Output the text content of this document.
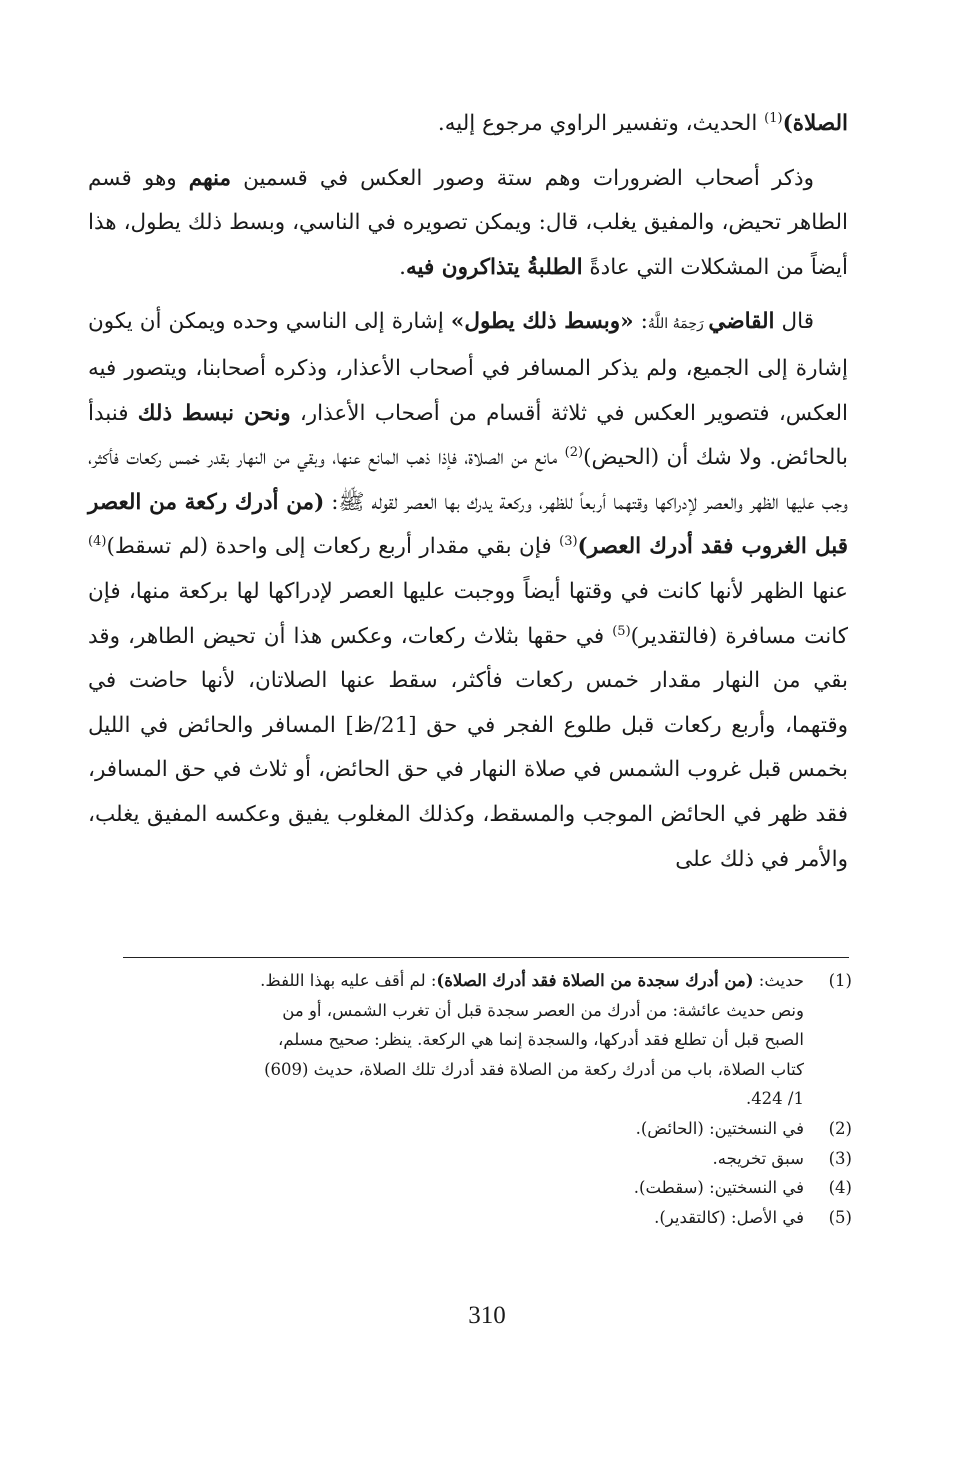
الصلاة)$^{(1)}$ الحديث، وتفسير الراوي مرجوع إليه.

وذكر أصحاب الضرورات وهم ستة وصور العكس في قسمين منهم وهو قسم الطاهر تحيض، والمفيق يغلب، قال: ويمكن تصويره في الناسي، وبسط ذلك يطول، هذا أيضاً من المشكلات التي عادةً الطلبةُ يتذاكرون فيه.

قال القاضي رَحِمَهُ اللَّهُ: «وبسط ذلك يطول» إشارة إلى الناسي وحده ويمكن أن يكون إشارة إلى الجميع، ولم يذكر المسافر في أصحاب الأعذار، وذكره أصحابنا، ويتصور فيه العكس، فتصوير العكس في ثلاثة أقسام من أصحاب الأعذار، ونحن نبسط ذلك فنبدأ بالحائض. ولا شك أن (الحيض)$^{(2)}$ مانع من الصلاة، فإذا ذهب المانع عنها، وبقي من النهار بقدر خمس ركعات فأكثر، وجب عليها الظهر والعصر لإدراكها وقتهما أربعاً للظهر، وركعة يدرك بها العصر لقوله ﷺ: (من أدرك ركعة من العصر قبل الغروب فقد أدرك العصر)$^{(3)}$ فإن بقي مقدار أربع ركعات إلى واحدة (لم تسقط)$^{(4)}$ عنها الظهر لأنها كانت في وقتها أيضاً ووجبت عليها العصر لإدراكها لها بركعة منها، فإن كانت مسافرة (فالتقدير)$^{(5)}$ في حقها بثلاث ركعات، وعكس هذا أن تحيض الطاهر، وقد بقي من النهار مقدار خمس ركعات فأكثر، سقط عنها الصلاتان، لأنها حاضت في وقتهما، وأربع ركعات قبل طلوع الفجر في حق [21/ظ] المسافر والحائض في الليل بخمس قبل غروب الشمس في صلاة النهار في حق الحائض، أو ثلاث في حق المسافر، فقد ظهر في الحائض الموجب والمسقط، وكذلك المغلوب يفيق وعكسه المفيق يغلب، والأمر في ذلك على

(1)
حديث: (من أدرك سجدة من الصلاة فقد أدرك الصلاة): لم أقف عليه بهذا اللفظ.
ونص حديث عائشة: من أدرك من العصر سجدة قبل أن تغرب الشمس، أو من
الصبح قبل أن تطلع فقد أدركها، والسجدة إنما هي الركعة. ينظر: صحيح مسلم،
كتاب الصلاة، باب من أدرك ركعة من الصلاة فقد أدرك تلك الصلاة، حديث (609)
1/ 424.
(2)
في النسختين: (الحائض).
(3)
سبق تخريجه.
(4)
في النسختين: (سقطت).
(5)
في الأصل: (كالتقدير).
310
